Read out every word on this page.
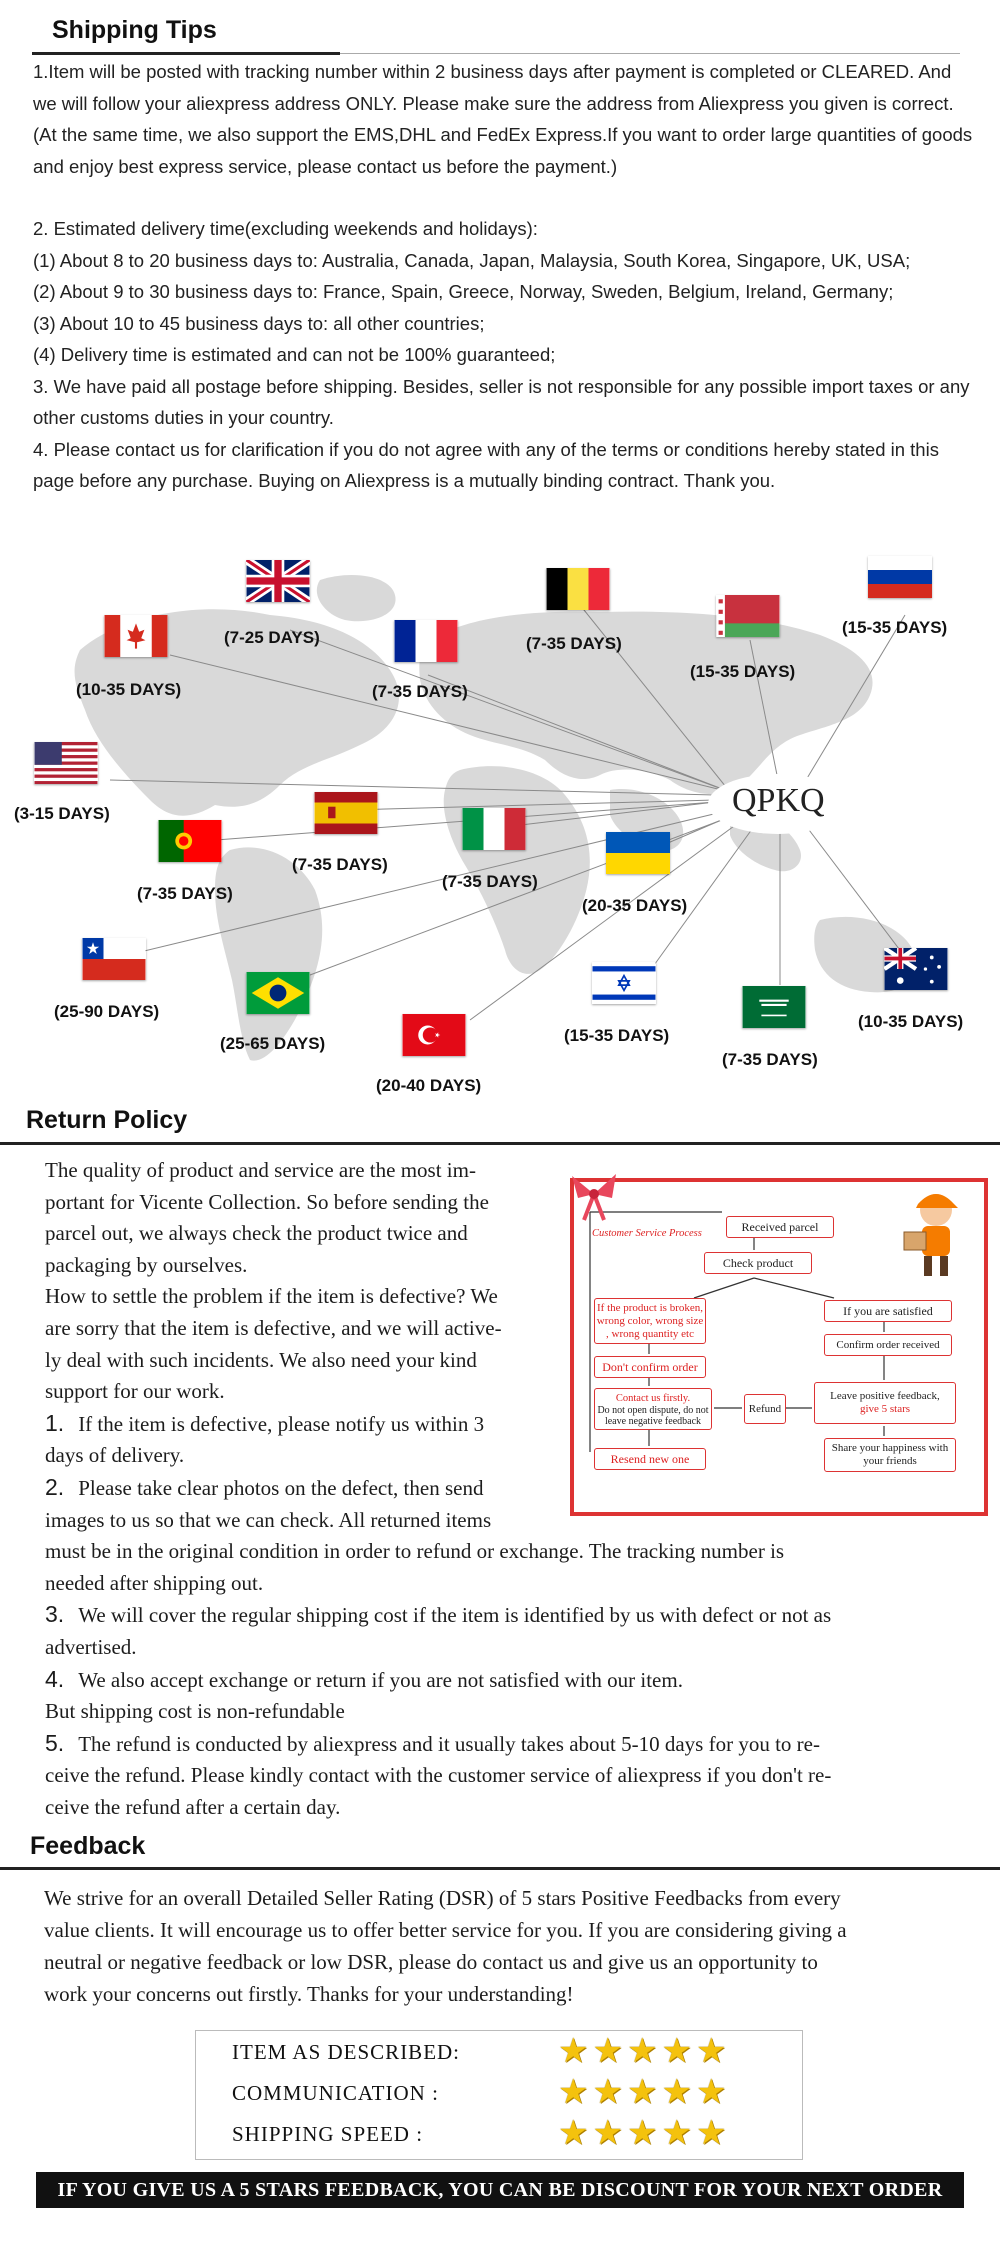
Shipping Tips

1.Item will be posted with tracking number within 2 business days after payment is completed or CLEARED. And

we will follow your aliexpress address ONLY. Please make sure the address from Aliexpress you given is correct.

(At the same time, we also support the EMS,DHL and FedEx Express.If you want to order large quantities of goods

and enjoy best express service, please contact us before the payment.)

2. Estimated delivery time(excluding weekends and holidays):

(1) About 8 to 20 business days to: Australia, Canada, Japan, Malaysia, South Korea, Singapore, UK, USA;

(2) About 9 to 30 business days to: France, Spain, Greece, Norway, Sweden, Belgium, Ireland, Germany;

(3) About 10 to 45 business days to: all other countries;

(4) Delivery time is estimated and can not be 100% guaranteed;

3. We have paid all postage before shipping. Besides, seller is not responsible for any possible import taxes or any

other customs duties in your country.

4. Please contact us for clarification if you do not agree with any of the terms or conditions hereby stated in this

page before any purchase. Buying on Aliexpress is a mutually binding contract. Thank you.

QPKQ
(7-25 DAYS)
(10-35 DAYS)	(7-35 DAYS)
(7-35 DAYS)
(15-35 DAYS)
(15-35 DAYS)
(3-15 DAYS)
(7-35 DAYS)
(7-35 DAYS)
(7-35 DAYS)
(20-35 DAYS)
(25-90 DAYS)
(25-65 DAYS)
(20-40 DAYS)
(15-35 DAYS)
(7-35 DAYS)
(10-35 DAYS)
Return Policy

The quality of product and service are the most im-

portant for Vicente Collection. So before sending the

parcel out, we always check the product twice and

packaging by ourselves.

How to settle the problem if the item is defective? We

are sorry that the item is defective, and we will active-

ly deal with such incidents. We also need your kind

support for our work.

1. If the item is defective, please notify us within 3

days of delivery.

2. Please take clear photos on the defect, then send

images to us so that we can check. All returned items

must be in the original condition in order to refund or exchange. The tracking number is

needed after shipping out.

3. We will cover the regular shipping cost if the item is identified by us with defect or not as

advertised.

4. We also accept exchange or return if you are not satisfied with our item.

But shipping cost is non-refundable

5. The refund is conducted by aliexpress and it usually takes about 5-10 days for you to re-

ceive the refund. Please kindly contact with the customer service of aliexpress if you don't re-

ceive the refund after a certain day.

Customer Service Process	Received parcel
Check product
If the product is broken, wrong color, wrong size , wrong quantity etc
If you are satisfied
Don't confirm order
Confirm order received
Contact us firstly.
Do not open dispute, do not leave negative feedback
Refund
Leave positive feedback,
give 5 stars
Resend new one
Share your happiness with your friends
Feedback

We strive for an overall Detailed Seller Rating (DSR) of 5 stars Positive Feedbacks from every

value clients. It will encourage us to offer better service for you. If you are considering giving a

neutral or negative feedback or low DSR, please do contact us and give us an opportunity to

work your concerns out firstly. Thanks for your understanding!

ITEM AS DESCRIBED:
COMMUNICATION :
SHIPPING SPEED :
★ ★ ★ ★ ★
★ ★ ★ ★ ★
★ ★ ★ ★ ★
IF YOU GIVE US A 5 STARS FEEDBACK, YOU CAN BE DISCOUNT FOR YOUR NEXT ORDER
